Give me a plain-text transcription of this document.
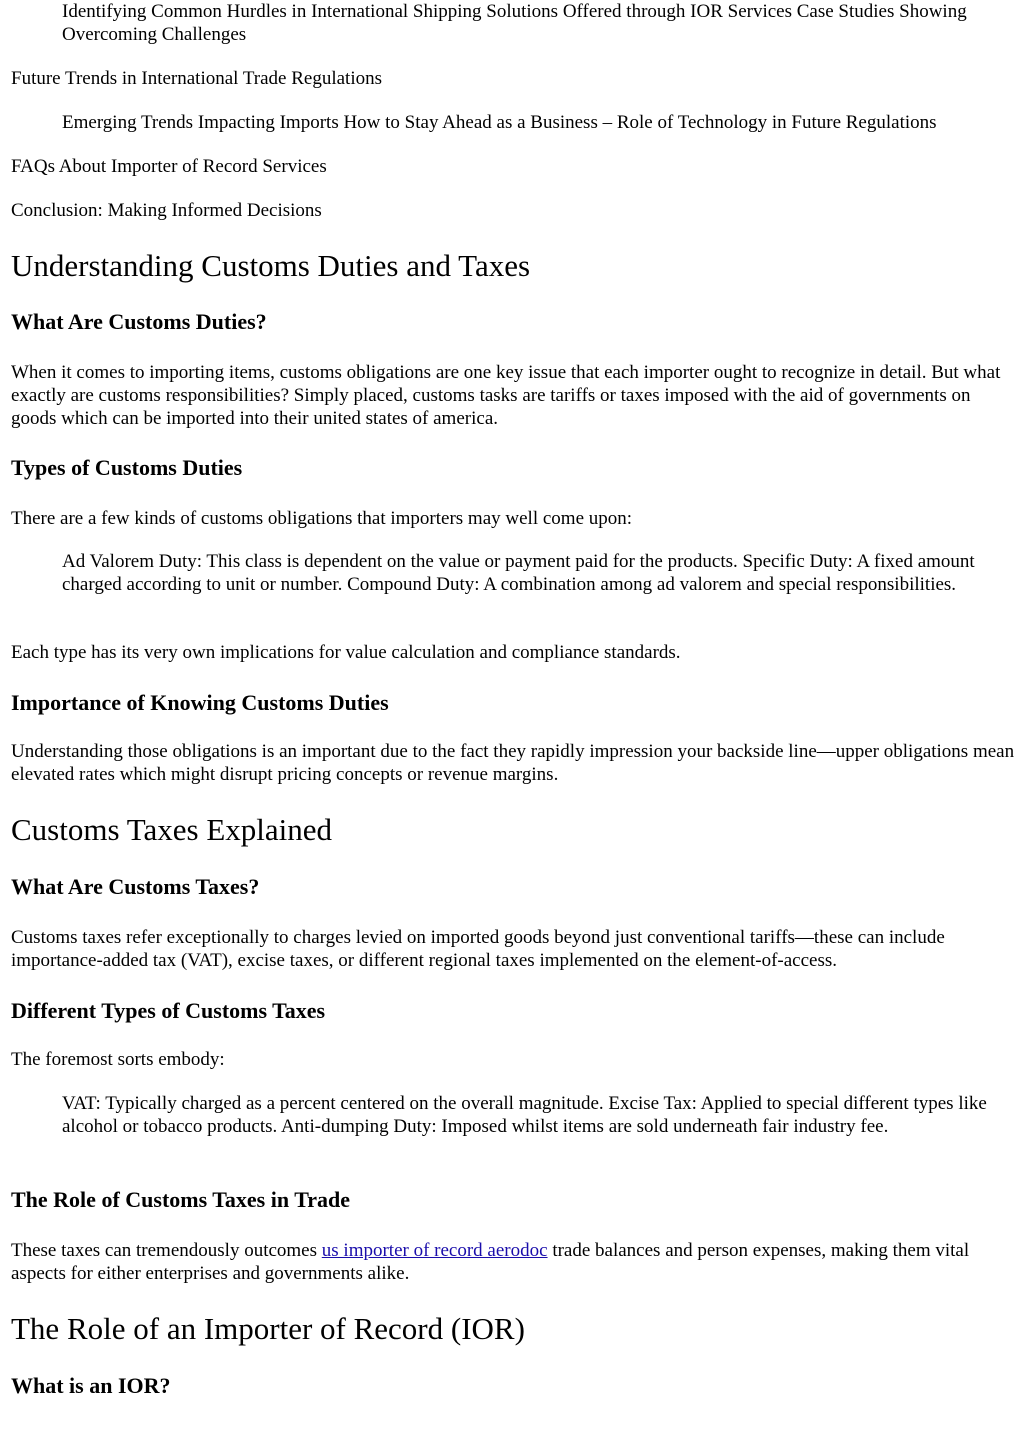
Identifying Common Hurdles in International Shipping Solutions Offered through IOR Services Case Studies Showing Overcoming Challenges

Future Trends in International Trade Regulations

Emerging Trends Impacting Imports How to Stay Ahead as a Business – Role of Technology in Future Regulations

FAQs About Importer of Record Services

Conclusion: Making Informed Decisions

Understanding Customs Duties and Taxes
What Are Customs Duties?

When it comes to importing items, customs obligations are one key issue that each importer ought to recognize in detail. But what exactly are customs responsibilities? Simply placed, customs tasks are tariffs or taxes imposed with the aid of governments on goods which can be imported into their united states of america.

Types of Customs Duties

There are a few kinds of customs obligations that importers may well come upon:

Ad Valorem Duty: This class is dependent on the value or payment paid for the products. Specific Duty: A fixed amount charged according to unit or number. Compound Duty: A combination among ad valorem and special responsibilities.

Each type has its very own implications for value calculation and compliance standards.

Importance of Knowing Customs Duties

Understanding those obligations is an important due to the fact they rapidly impression your backside line—upper obligations mean elevated rates which might disrupt pricing concepts or revenue margins.

Customs Taxes Explained
What Are Customs Taxes?

Customs taxes refer exceptionally to charges levied on imported goods beyond just conventional tariffs—these can include importance-added tax (VAT), excise taxes, or different regional taxes implemented on the element-of-access.

Different Types of Customs Taxes

The foremost sorts embody:

VAT: Typically charged as a percent centered on the overall magnitude. Excise Tax: Applied to special different types like alcohol or tobacco products. Anti-dumping Duty: Imposed whilst items are sold underneath fair industry fee.

The Role of Customs Taxes in Trade

These taxes can tremendously outcomes us importer of record aerodoc trade balances and person expenses, making them vital aspects for either enterprises and governments alike.

The Role of an Importer of Record (IOR)
What is an IOR?
